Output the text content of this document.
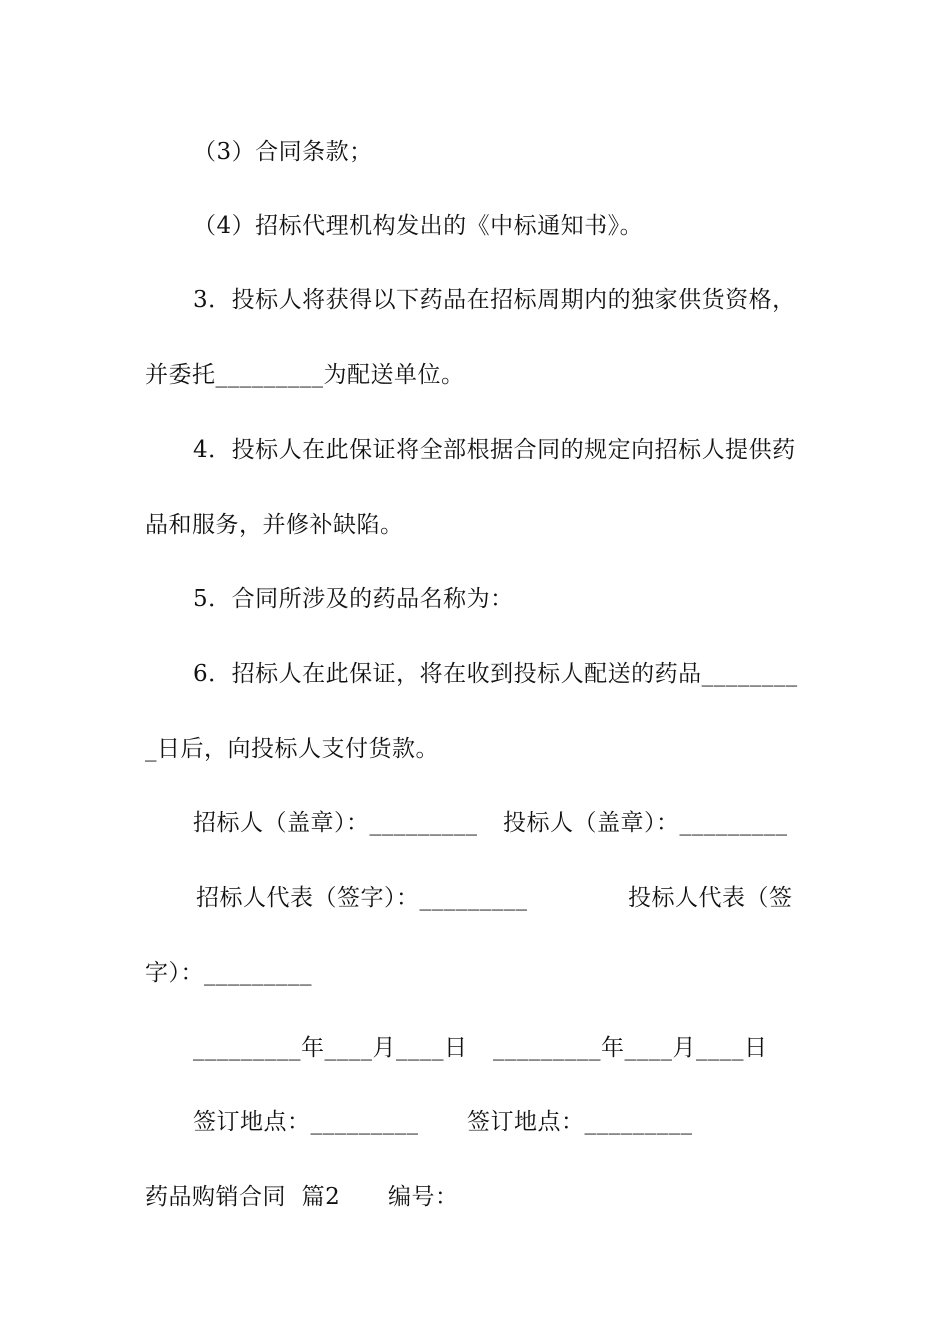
（3）合同条款；
（4）招标代理机构发出的《中标通知书》。
3．投标人将获得以下药品在招标周期内的独家供货资格，
并委托_________为配送单位。
4．投标人在此保证将全部根据合同的规定向招标人提供药
品和服务，并修补缺陷。
5．合同所涉及的药品名称为：
6．招标人在此保证，将在收到投标人配送的药品________
_日后，向投标人支付货款。
招标人（盖章）：_________ 投标人（盖章）：_________
招标人代表（签字）：_________	投标人代表（签
字）：_________
_________年____月____日 _________年____月____日
签订地点：_________ 签订地点：_________
药品购销合同  篇2 编号：
